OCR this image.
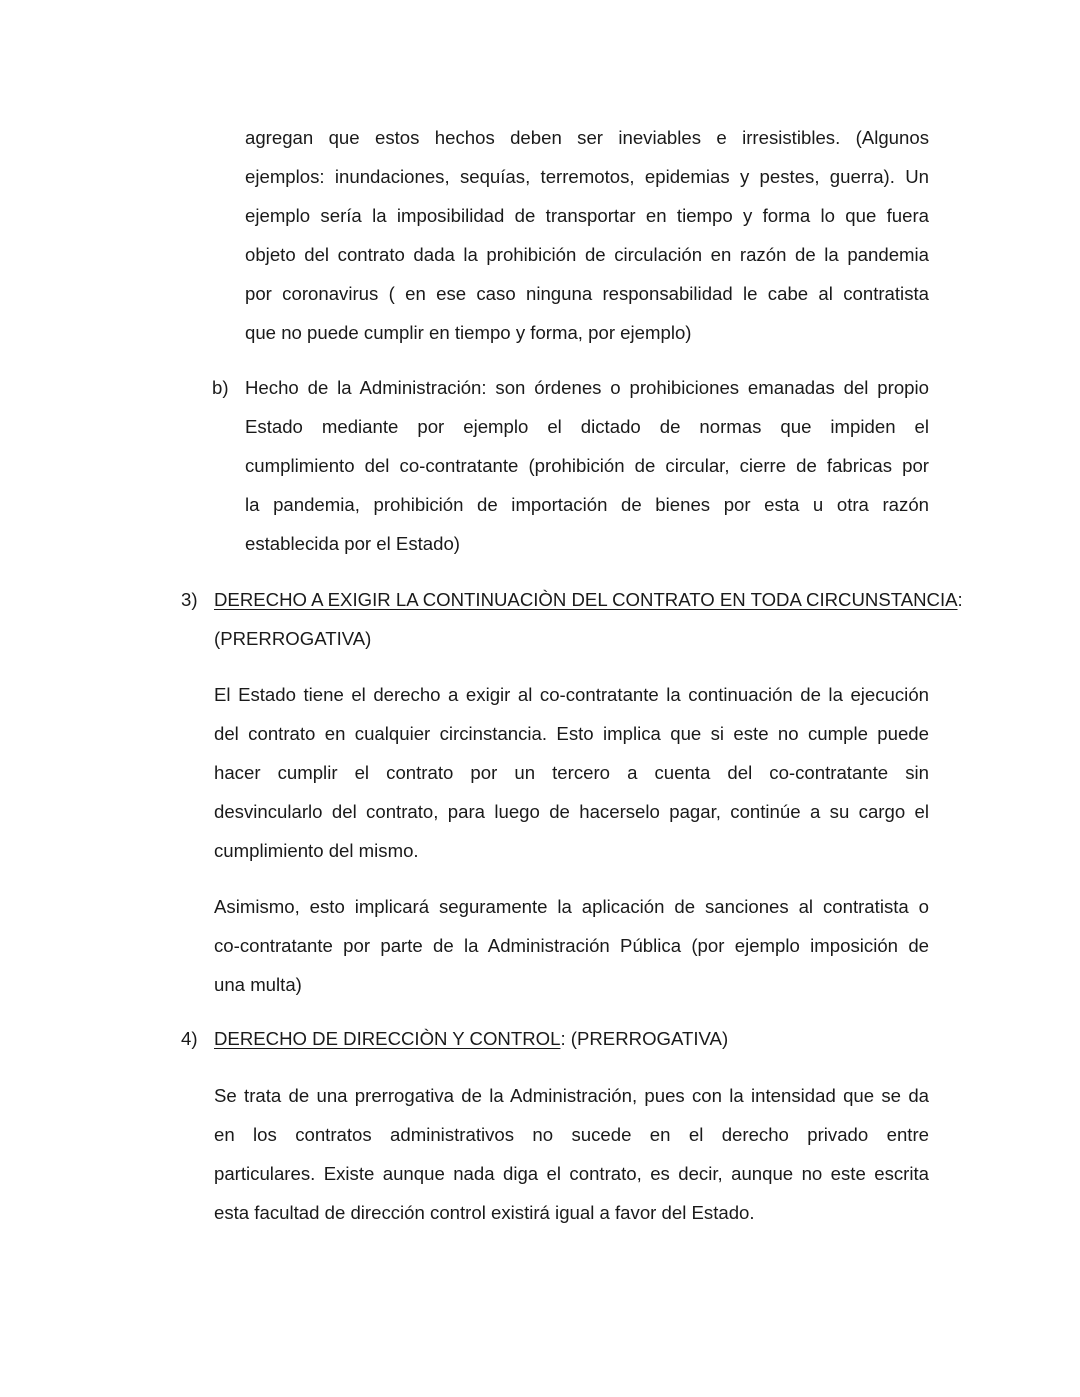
agregan que estos hechos deben ser ineviables e irresistibles. (Algunos
ejemplos: inundaciones, sequías, terremotos, epidemias y pestes, guerra). Un
ejemplo sería la imposibilidad de transportar en tiempo y forma lo que fuera
objeto del contrato dada la prohibición de circulación en razón de la pandemia
por coronavirus ( en ese caso ninguna responsabilidad le cabe al contratista
que no puede cumplir en tiempo y forma, por ejemplo)
b) Hecho de la Administración: son órdenes o prohibiciones emanadas del propio
Estado mediante por ejemplo el dictado de normas que impiden el
cumplimiento del co-contratante (prohibición de circular, cierre de fabricas por
la pandemia, prohibición de importación de bienes por esta u otra razón
establecida por el Estado)
3) DERECHO A EXIGIR LA CONTINUACIÒN DEL CONTRATO EN TODA CIRCUNSTANCIA:
(PRERROGATIVA)
El Estado tiene el derecho a exigir al co-contratante la continuación de la ejecución
del contrato en cualquier circinstancia. Esto implica que si este no cumple puede
hacer cumplir el contrato por un tercero a cuenta del co-contratante sin
desvincularlo del contrato, para luego de hacerselo pagar, continúe a su cargo el
cumplimiento del mismo.
Asimismo, esto implicará seguramente la aplicación de sanciones al contratista o
co-contratante por parte de la Administración Pública (por ejemplo imposición de
una multa)
4) DERECHO DE DIRECCIÒN Y CONTROL: (PRERROGATIVA)
Se trata de una prerrogativa de la Administración, pues con la intensidad que se da
en los contratos administrativos no sucede en el derecho privado entre
particulares. Existe aunque nada diga el contrato, es decir, aunque no este escrita
esta facultad de dirección control existirá igual a favor del Estado.
